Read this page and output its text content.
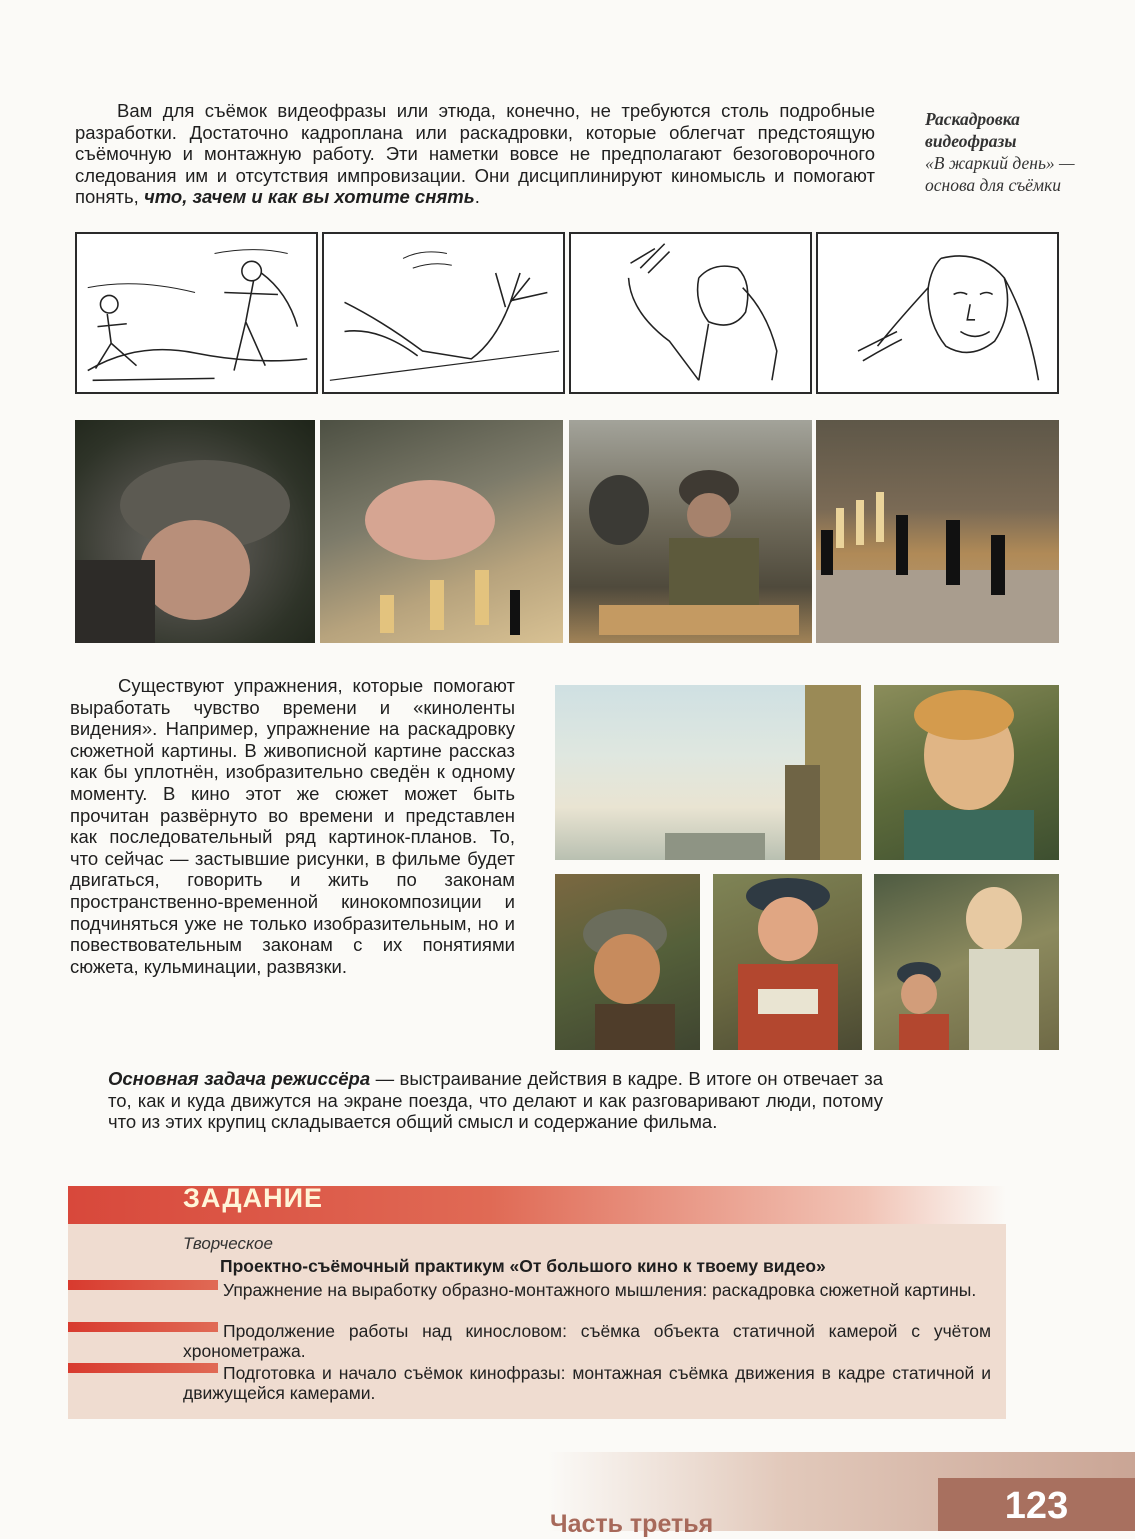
Вам для съёмок видеофразы или этюда, конечно, не требуются столь подробные разработки. Достаточно кадроплана или раскадровки, которые облегчат предстоящую съёмочную и монтажную работу. Эти наметки вовсе не предполагают безоговорочного следования им и отсутствия импровизации. Они дисциплинируют киномысль и помогают понять, что, зачем и как вы хотите снять.
Раскадровка видеофразы
«В жаркий день» — основа для съёмки
Существуют упражнения, которые помогают выработать чувство времени и «киноленты видения». Например, упражнение на раскадровку сюжетной картины. В живописной картине рассказ как бы уплотнён, изобразительно сведён к одному моменту. В кино этот же сюжет может быть прочитан развёрнуто во времени и представлен как последовательный ряд картинок-планов. То, что сейчас — застывшие рисунки, в фильме будет двигаться, говорить и жить по законам пространственно-временной кинокомпозиции и подчиняться уже не только изобразительным, но и повествовательным законам с их понятиями сюжета, кульминации, развязки.
Основная задача режиссёра — выстраивание действия в кадре. В итоге он отвечает за то, как и куда движутся на экране поезда, что делают и как разговаривают люди, потому что из этих крупиц складывается общий смысл и содержание фильма.
ЗАДАНИЕ
Творческое
Проектно-съёмочный практикум «От большого кино к твоему видео»
Упражнение на выработку образно-монтажного мышления: раскадровка сюжетной картины.
Продолжение работы над кинословом: съёмка объекта статичной камерой с учётом хронометража.
Подготовка и начало съёмок кинофразы: монтажная съёмка движения в кадре статичной и движущейся камерами.
Часть третья	123
